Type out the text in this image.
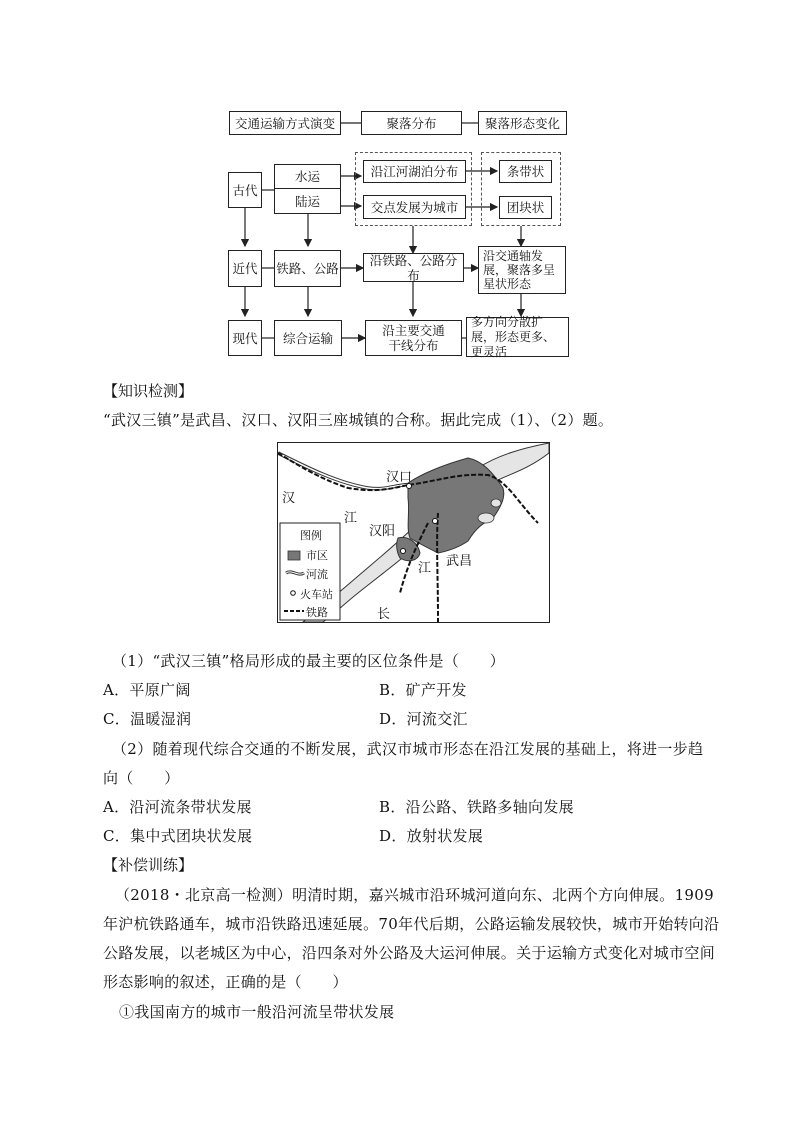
交通运输方式演变	聚落分布	聚落形态变化
古代
近代
现代
水运
陆运
沿江河湖泊分布
交点发展为城市
条带状
团块状
铁路、公路
沿铁路、公路分布
沿交通轴发展，聚落多呈星状形态
综合运输	沿主要交通干线分布
多方向分散扩展，形态更多、更灵活
【知识检测】
“武汉三镇”是武昌、汉口、汉阳三座城镇的合称。据此完成（1）、（2）题。
汉
江
汉口
汉阳
武昌
江
长
图例
市区
河流
火车站
铁路
（1）“武汉三镇”格局形成的最主要的区位条件是（　　）
A．平原广阔	B．矿产开发
C．温暖湿润	D．河流交汇
（2）随着现代综合交通的不断发展，武汉市城市形态在沿江发展的基础上，将进一步趋
向（　　）
A．沿河流条带状发展	B．沿公路、铁路多轴向发展
C．集中式团块状发展	D．放射状发展
【补偿训练】
（2018・北京高一检测）明清时期，嘉兴城市沿环城河道向东、北两个方向伸展。1909
年沪杭铁路通车，城市沿铁路迅速延展。70年代后期，公路运输发展较快，城市开始转向沿
公路发展，以老城区为中心，沿四条对外公路及大运河伸展。关于运输方式变化对城市空间
形态影响的叙述，正确的是（　　）
①我国南方的城市一般沿河流呈带状发展
